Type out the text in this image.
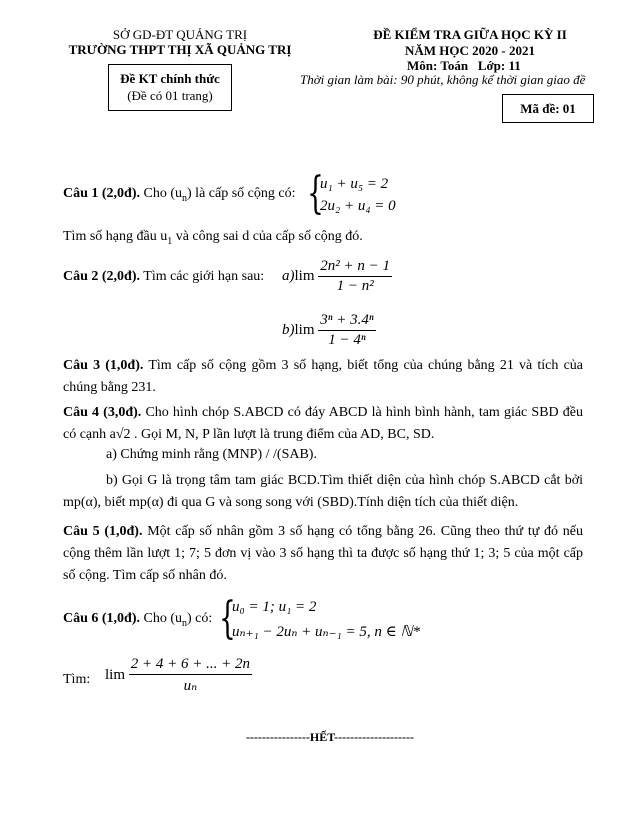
SỞ GD-ĐT QUẢNG TRỊ
TRƯỜNG THPT THỊ XÃ QUẢNG TRỊ
Đề KT chính thức
(Đề có 01 trang)
ĐỀ KIỂM TRA GIỮA HỌC KỲ II
NĂM HỌC 2020 - 2021
Môn: Toán Lớp: 11
Thời gian làm bài: 90 phút, không kể thời gian giao đề
Mã đề: 01
Câu 1 (2,0đ). Cho $(u_n)$ là cấp số cộng có: {
u₁ + u₅ = 2
2u₂ + u₄ = 0
Tìm số hạng đầu $u_1$ và công sai d của cấp số cộng đó.
Câu 2 (2,0đ). Tìm các giới hạn sau: $a)\lim \frac{\text{2n² + n − 1}}{\text{1 − n²}}$
$b)\lim \frac{\text{3ⁿ + 3.4ⁿ}}{\text{1 − 4ⁿ}}$
Câu 3 (1,0đ). Tìm cấp số cộng gồm 3 số hạng, biết tổng của chúng bằng 21 và tích của chúng bằng 231.
Câu 4 (3,0đ). Cho hình chóp S.ABCD có đáy ABCD là hình bình hành, tam giác SBD đều có cạnh a√2 . Gọi M, N, P lần lượt là trung điểm của AD, BC, SD.
a) Chứng minh rằng (MNP) / /(SAB).
b) Gọi G là trọng tâm tam giác BCD.Tìm thiết diện của hình chóp S.ABCD cắt bởi mp(α), biết mp(α) đi qua G và song song với (SBD).Tính diện tích của thiết diện.
Câu 5 (1,0đ). Một cấp số nhân gồm 3 số hạng có tổng bằng 26. Cũng theo thứ tự đó nếu cộng thêm lần lượt 1; 7; 5 đơn vị vào 3 số hạng thì ta được số hạng thứ 1; 3; 5 của một cấp số cộng. Tìm cấp số nhân đó.
Câu 6 (1,0đ). Cho $(u_n)$ có: {
u₀ = 1; u₁ = 2
uₙ₊₁ − 2uₙ + uₙ₋₁ = 5, n ∈ ℕ*
Tìm: $\lim \frac{2 + 4 + 6 + ... + 2n}{\text{uₙ}}$
----------------HẾT--------------------
